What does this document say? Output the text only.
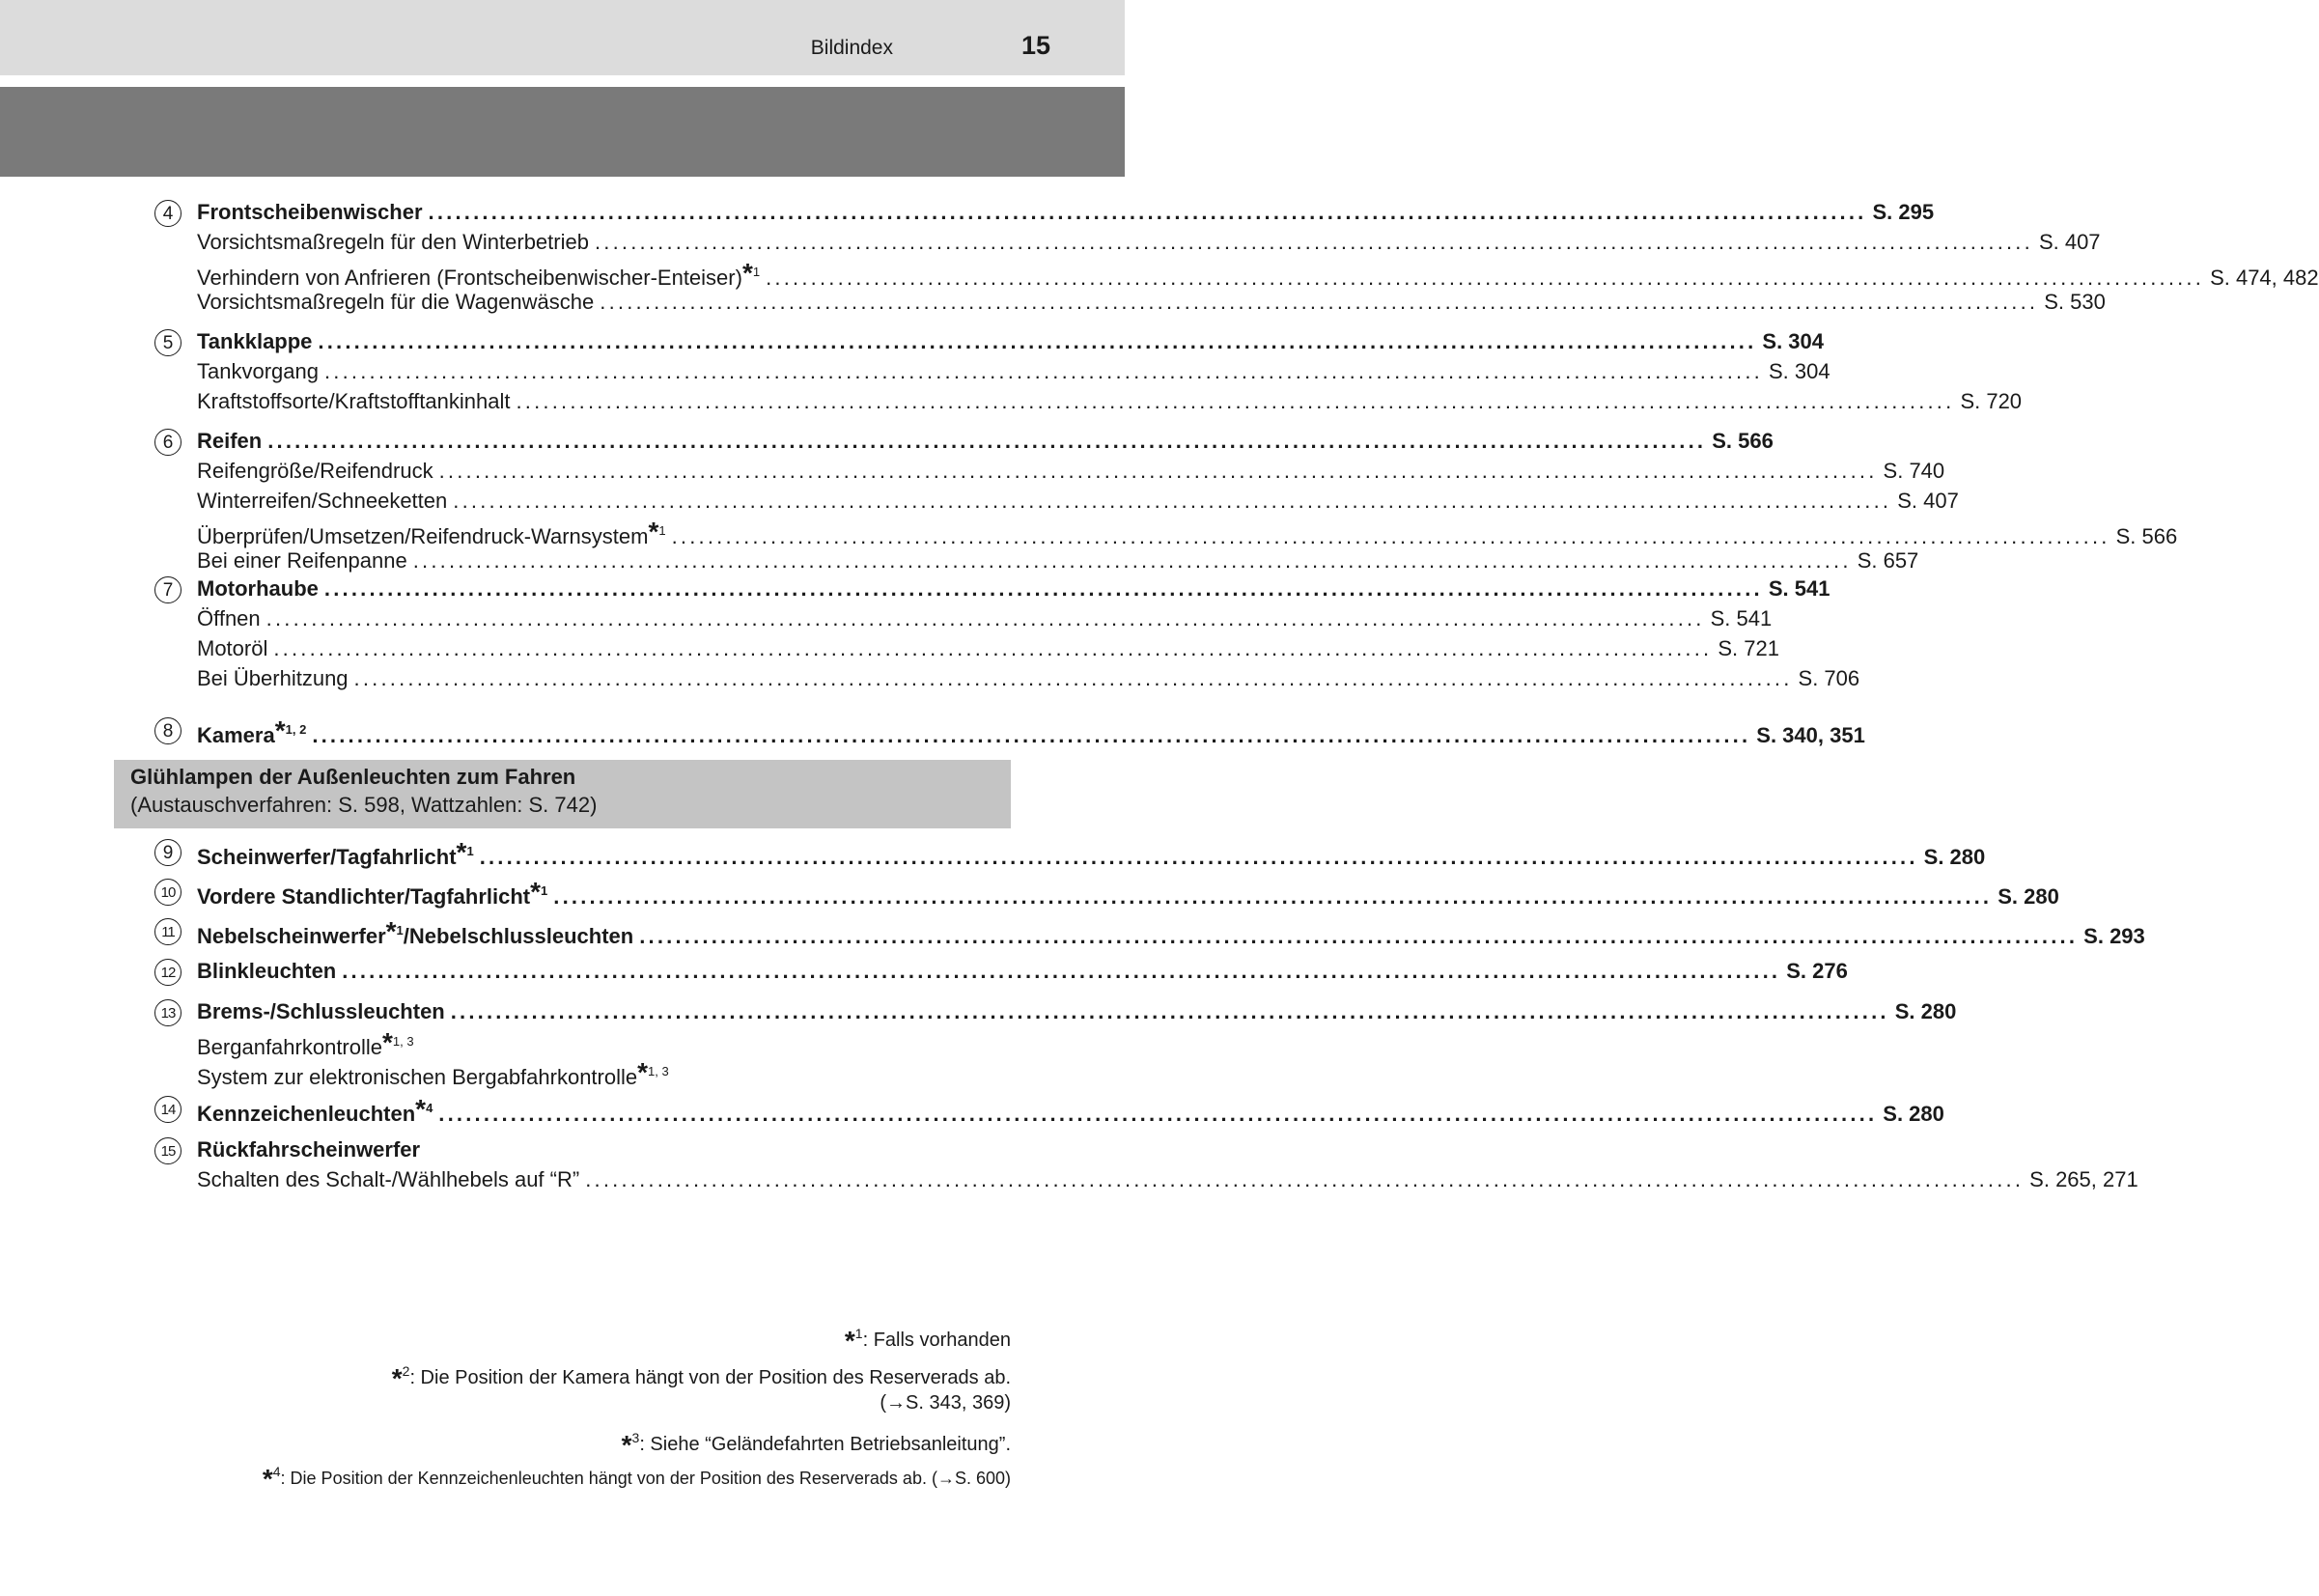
Bildindex	15
4	Frontscheibenwischer ................................................................................................................................................................ S. 295
Vorsichtsmaßregeln für den Winterbetrieb ................................................................................................................................................................ S. 407
Verhindern von Anfrieren (Frontscheibenwischer-Enteiser)$^{*1}$ ................................................................................................................................................................ S. 474, 482
Vorsichtsmaßregeln für die Wagenwäsche ................................................................................................................................................................ S. 530
5	Tankklappe ................................................................................................................................................................ S. 304
Tankvorgang ................................................................................................................................................................ S. 304
Kraftstoffsorte/Kraftstofftankinhalt ................................................................................................................................................................ S. 720
6	Reifen ................................................................................................................................................................ S. 566
Reifengröße/Reifendruck ................................................................................................................................................................ S. 740
Winterreifen/Schneeketten ................................................................................................................................................................ S. 407
Überprüfen/Umsetzen/Reifendruck-Warnsystem$^{*1}$ ................................................................................................................................................................ S. 566
Bei einer Reifenpanne ................................................................................................................................................................ S. 657
7	Motorhaube ................................................................................................................................................................ S. 541
Öffnen ................................................................................................................................................................ S. 541
Motoröl ................................................................................................................................................................ S. 721
Bei Überhitzung ................................................................................................................................................................ S. 706
8	Kamera$^{*1, 2}$ ................................................................................................................................................................ S. 340, 351
Glühlampen der Außenleuchten zum Fahren
(Austauschverfahren: S. 598, Wattzahlen: S. 742)
9	Scheinwerfer/Tagfahrlicht$^{*1}$ ................................................................................................................................................................ S. 280
10	Vordere Standlichter/Tagfahrlicht$^{*1}$ ................................................................................................................................................................ S. 280
11	Nebelscheinwerfer$^{*1}$/Nebelschlussleuchten ................................................................................................................................................................ S. 293
12	Blinkleuchten ................................................................................................................................................................ S. 276
13	Brems-/Schlussleuchten ................................................................................................................................................................ S. 280
Berganfahrkontrolle$^{*1, 3}$
System zur elektronischen Bergabfahrkontrolle$^{*1, 3}$
14	Kennzeichenleuchten$^{*4}$ ................................................................................................................................................................ S. 280
15	Rückfahrscheinwerfer
Schalten des Schalt-/Wählhebels auf “R” ................................................................................................................................................................ S. 265, 271
*$^1$: Falls vorhanden
*$^2$: Die Position der Kamera hängt von der Position des Reserverads ab.
(→S. 343, 369)
*$^3$: Siehe “Geländefahrten Betriebsanleitung”.
*$^4$: Die Position der Kennzeichenleuchten hängt von der Position des Reserverads ab. (→S. 600)
